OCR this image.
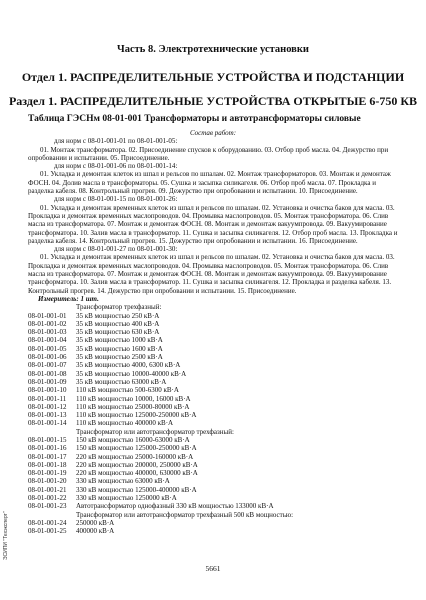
Часть 8. Электротехнические установки
Отдел 1. РАСПРЕДЕЛИТЕЛЬНЫЕ УСТРОЙСТВА И ПОДСТАНЦИИ
Раздел 1. РАСПРЕДЕЛИТЕЛЬНЫЕ УСТРОЙСТВА ОТКРЫТЫЕ 6-750 КВ
Таблица ГЭСНм 08-01-001 Трансформаторы и автотрансформаторы силовые
Состав работ:
для норм с 08-01-001-01 по 08-01-001-05:

01. Монтаж трансформатора. 02. Присоединение спусков к оборудованию. 03. Отбор проб масла. 04. Дежурство при опробовании и испытании. 05. Присоединение.

для норм с 08-01-001-06 по 08-01-001-14:

01. Укладка и демонтаж клеток из шпал и рельсов по шпалам. 02. Монтаж трансформаторов. 03. Монтаж и демонтаж ФОСН. 04. Долив масла в трансформаторы. 05. Сушка и засыпка силикагеля. 06. Отбор проб масла. 07. Прокладка и разделка кабеля. 08. Контрольный прогрев. 09. Дежурство при опробовании и испытании. 10. Присоединение.

для норм с 08-01-001-15 по 08-01-001-26:

01. Укладка и демонтаж временных клеток из шпал и рельсов по шпалам. 02. Установка и очистка баков для масла. 03. Прокладка и демонтаж временных маслопроводов. 04. Промывка маслопроводов. 05. Монтаж трансформатора. 06. Слив масла из трансформатора. 07. Монтаж и демонтаж ФОСН. 08. Монтаж и демонтаж вакуумпровода. 09. Вакуумирование трансформатора. 10. Залив масла в трансформатор. 11. Сушка и засыпка силикагеля. 12. Отбор проб масла. 13. Прокладка и разделка кабеля. 14. Контрольный прогрев. 15. Дежурство при опробовании и испытании. 16. Присоединение.

для норм с 08-01-001-27 по 08-01-001-30:

01. Укладка и демонтаж временных клеток из шпал и рельсов по шпалам. 02. Установка и очистка баков для масла. 03. Прокладка и демонтаж временных маслопроводов. 04. Промывка маслопроводов. 05. Монтаж трансформатора. 06. Слив масла из трансформатора. 07. Монтаж и демонтаж ФОСН. 08. Монтаж и демонтаж вакуумпровода. 09. Вакуумирование трансформатора. 10. Залив масла в трансформатор. 11. Сушка и засыпка силикагеля. 12. Прокладка и разделка кабеля. 13. Контрольный прогрев. 14. Дежурство при опробовании и испытании. 15. Присоединение.

Измеритель: 1 шт.
Трансформатор трехфазный:
08-01-001-01	35 кВ мощностью 250 кВ·А
08-01-001-02	35 кВ мощностью 400 кВ·А
08-01-001-03	35 кВ мощностью 630 кВ·А
08-01-001-04	35 кВ мощностью 1000 кВ·А
08-01-001-05	35 кВ мощностью 1600 кВ·А
08-01-001-06	35 кВ мощностью 2500 кВ·А
08-01-001-07	35 кВ мощностью 4000, 6300 кВ·А
08-01-001-08	35 кВ мощностью 10000-40000 кВ·А
08-01-001-09	35 кВ мощностью 63000 кВ·А
08-01-001-10	110 кВ мощностью 500-6300 кВ·А
08-01-001-11	110 кВ мощностью 10000, 16000 кВ·А
08-01-001-12	110 кВ мощностью 25000-80000 кВ·А
08-01-001-13	110 кВ мощностью 125000-250000 кВ·А
08-01-001-14	110 кВ мощностью 400000 кВ·А
Трансформатор или автотрансформатор трехфазный:
08-01-001-15	150 кВ мощностью 16000-63000 кВ·А
08-01-001-16	150 кВ мощностью 125000-250000 кВ·А
08-01-001-17	220 кВ мощностью 25000-160000 кВ·А
08-01-001-18	220 кВ мощностью 200000, 250000 кВ·А
08-01-001-19	220 кВ мощностью 400000, 630000 кВ·А
08-01-001-20	330 кВ мощностью 63000 кВ·А
08-01-001-21	330 кВ мощностью 125000-400000 кВ·А
08-01-001-22	330 кВ мощностью 1250000 кВ·А
08-01-001-23	Автотрансформатор однофазный 330 кВ мощностью 133000 кВ·А
Трансформатор или автотрансформатор трехфазный 500 кВ мощностью:
08-01-001-24	250000 кВ·А
08-01-001-25	400000 кВ·А
ЭСИПИ "Техэксперт"
5661
